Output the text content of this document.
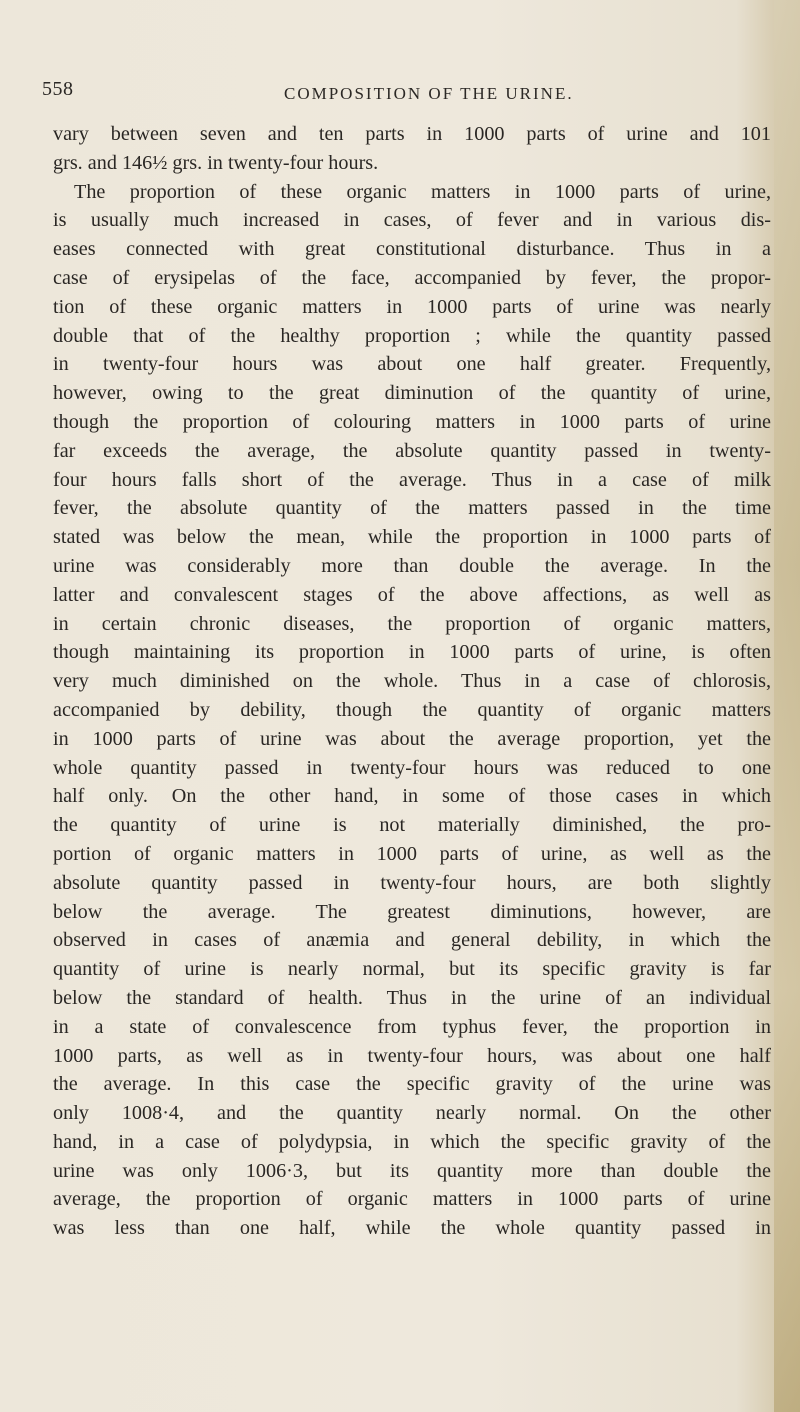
558	COMPOSITION OF THE URINE.
vary between seven and ten parts in 1000 parts of urine and 101
grs. and 146½ grs. in twenty-four hours.
The proportion of these organic matters in 1000 parts of urine,
is usually much increased in cases, of fever and in various dis-
eases connected with great constitutional disturbance. Thus in a
case of erysipelas of the face, accompanied by fever, the propor-
tion of these organic matters in 1000 parts of urine was nearly
double that of the healthy proportion ; while the quantity passed
in twenty-four hours was about one half greater. Frequently,
however, owing to the great diminution of the quantity of urine,
though the proportion of colouring matters in 1000 parts of urine
far exceeds the average, the absolute quantity passed in twenty-
four hours falls short of the average. Thus in a case of milk
fever, the absolute quantity of the matters passed in the time
stated was below the mean, while the proportion in 1000 parts of
urine was considerably more than double the average. In the
latter and convalescent stages of the above affections, as well as
in certain chronic diseases, the proportion of organic matters,
though maintaining its proportion in 1000 parts of urine, is often
very much diminished on the whole. Thus in a case of chlorosis,
accompanied by debility, though the quantity of organic matters
in 1000 parts of urine was about the average proportion, yet the
whole quantity passed in twenty-four hours was reduced to one
half only. On the other hand, in some of those cases in which
the quantity of urine is not materially diminished, the pro-
portion of organic matters in 1000 parts of urine, as well as the
absolute quantity passed in twenty-four hours, are both slightly
below the average. The greatest diminutions, however, are
observed in cases of anæmia and general debility, in which the
quantity of urine is nearly normal, but its specific gravity is far
below the standard of health. Thus in the urine of an individual
in a state of convalescence from typhus fever, the proportion in
1000 parts, as well as in twenty-four hours, was about one half
the average. In this case the specific gravity of the urine was
only 1008·4, and the quantity nearly normal. On the other
hand, in a case of polydypsia, in which the specific gravity of the
urine was only 1006·3, but its quantity more than double the
average, the proportion of organic matters in 1000 parts of urine
was less than one half, while the whole quantity passed in
